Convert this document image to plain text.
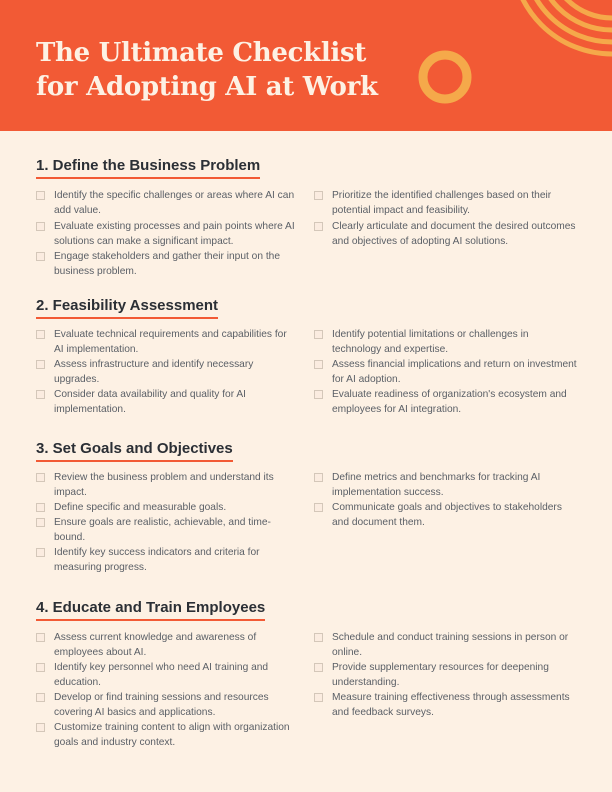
The Ultimate Checklist
for Adopting AI at Work
1. Define the Business Problem
Identify the specific challenges or areas where AI can add value.
Evaluate existing processes and pain points where AI solutions can make a significant impact.
Engage stakeholders and gather their input on the business problem.
Prioritize the identified challenges based on their potential impact and feasibility.
Clearly articulate and document the desired outcomes and objectives of adopting AI solutions.
2. Feasibility Assessment
Evaluate technical requirements and capabilities for AI implementation.
Assess infrastructure and identify necessary upgrades.
Consider data availability and quality for AI implementation.
Identify potential limitations or challenges in technology and expertise.
Assess financial implications and return on investment for AI adoption.
Evaluate readiness of organization's ecosystem and employees for AI integration.
3. Set Goals and Objectives
Review the business problem and understand its impact.
Define specific and measurable goals.
Ensure goals are realistic, achievable, and time-bound.
Identify key success indicators and criteria for measuring progress.
Define metrics and benchmarks for tracking AI implementation success.
Communicate goals and objectives to stakeholders and document them.
4. Educate and Train Employees
Assess current knowledge and awareness of employees about AI.
Identify key personnel who need AI training and education.
Develop or find training sessions and resources covering AI basics and applications.
Customize training content to align with organization goals and industry context.
Schedule and conduct training sessions in person or online.
Provide supplementary resources for deepening understanding.
Measure training effectiveness through assessments and feedback surveys.
